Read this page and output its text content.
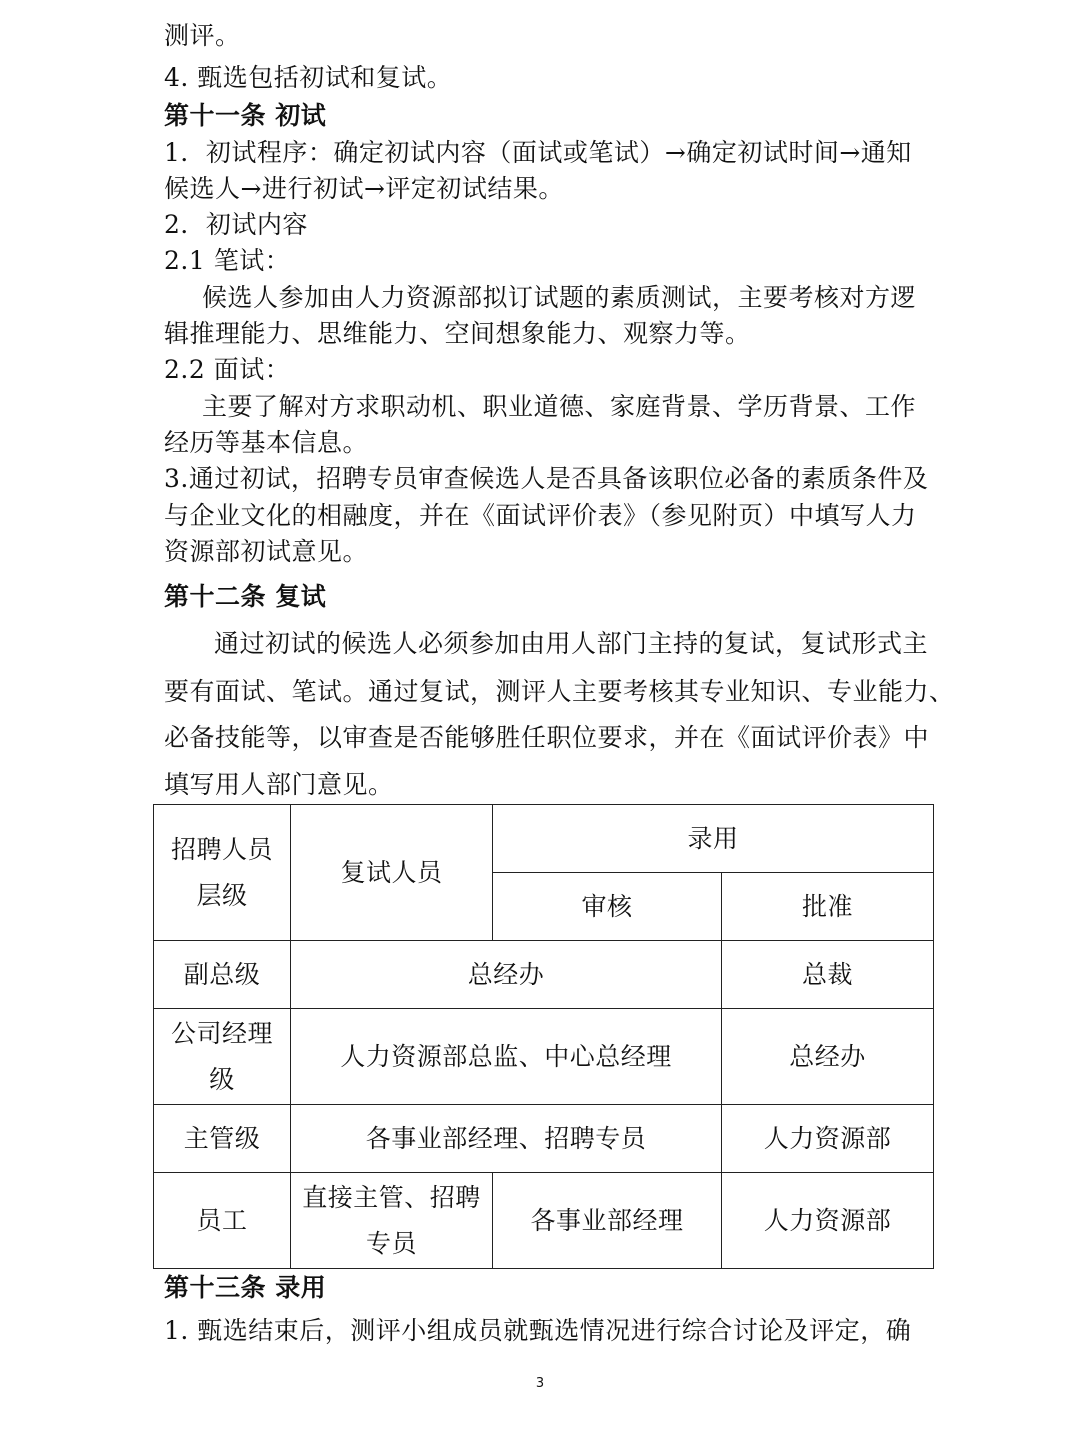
测评。
4. 甄选包括初试和复试。
第十一条 初试
1．初试程序：确定初试内容（面试或笔试）→确定初试时间→通知
候选人→进行初试→评定初试结果。
2．初试内容
2.1 笔试：
候选人参加由人力资源部拟订试题的素质测试，主要考核对方逻
辑推理能力、思维能力、空间想象能力、观察力等。
2.2 面试：
主要了解对方求职动机、职业道德、家庭背景、学历背景、工作
经历等基本信息。
3.通过初试，招聘专员审查候选人是否具备该职位必备的素质条件及
与企业文化的相融度，并在《面试评价表》（参见附页）中填写人力
资源部初试意见。
第十二条 复试
通过初试的候选人必须参加由用人部门主持的复试，复试形式主
要有面试、笔试。通过复试，测评人主要考核其专业知识、专业能力、
必备技能等，以审查是否能够胜任职位要求，并在《面试评价表》中
填写用人部门意见。
招聘人员
层级	复试人员	录用	
		审核	批准
副总级	总经办		总裁

公司经理
级	人力资源部总监、中心总经理		总经办
主管级	各事业部经理、招聘专员		人力资源部
员工	直接主管、招聘
专员	各事业部经理	人力资源部
第十三条 录用
1. 甄选结束后，测评小组成员就甄选情况进行综合讨论及评定，确
3
